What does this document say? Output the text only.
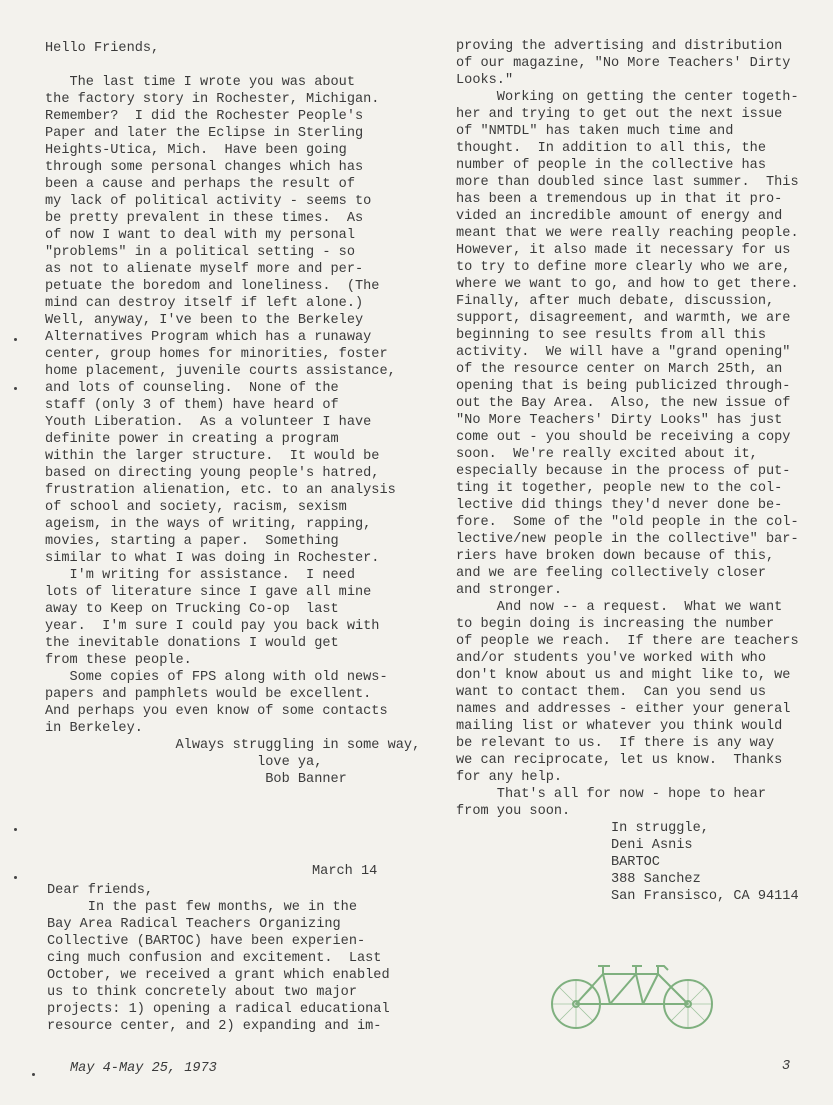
Hello Friends,
The last time I wrote you was about
the factory story in Rochester, Michigan.
Remember?  I did the Rochester People's
Paper and later the Eclipse in Sterling
Heights-Utica, Mich.  Have been going
through some personal changes which has
been a cause and perhaps the result of
my lack of political activity - seems to
be pretty prevalent in these times.  As
of now I want to deal with my personal
"problems" in a political setting - so
as not to alienate myself more and per-
petuate the boredom and loneliness.  (The
mind can destroy itself if left alone.)
Well, anyway, I've been to the Berkeley
Alternatives Program which has a runaway
center, group homes for minorities, foster
home placement, juvenile courts assistance,
and lots of counseling.  None of the
staff (only 3 of them) have heard of
Youth Liberation.  As a volunteer I have
definite power in creating a program
within the larger structure.  It would be
based on directing young people's hatred,
frustration alienation, etc. to an analysis
of school and society, racism, sexism
ageism, in the ways of writing, rapping,
movies, starting a paper.  Something
similar to what I was doing in Rochester.
I'm writing for assistance.  I need
lots of literature since I gave all mine
away to Keep on Trucking Co-op  last
year.  I'm sure I could pay you back with
the inevitable donations I would get
from these people.
Some copies of FPS along with old news-
papers and pamphlets would be excellent.
And perhaps you even know of some contacts
in Berkeley.
Always struggling in some way,
love ya,
Bob Banner
proving the advertising and distribution
of our magazine, "No More Teachers' Dirty
Looks."
Working on getting the center togeth-
her and trying to get out the next issue
of "NMTDL" has taken much time and
thought.  In addition to all this, the
number of people in the collective has
more than doubled since last summer.  This
has been a tremendous up in that it pro-
vided an incredible amount of energy and
meant that we were really reaching people.
However, it also made it necessary for us
to try to define more clearly who we are,
where we want to go, and how to get there.
Finally, after much debate, discussion,
support, disagreement, and warmth, we are
beginning to see results from all this
activity.  We will have a "grand opening"
of the resource center on March 25th, an
opening that is being publicized through-
out the Bay Area.  Also, the new issue of
"No More Teachers' Dirty Looks" has just
come out - you should be receiving a copy
soon.  We're really excited about it,
especially because in the process of put-
ting it together, people new to the col-
lective did things they'd never done be-
fore.  Some of the "old people in the col-
lective/new people in the collective" bar-
riers have broken down because of this,
and we are feeling collectively closer
and stronger.
And now -- a request.  What we want
to begin doing is increasing the number
of people we reach.  If there are teachers
and/or students you've worked with who
don't know about us and might like to, we
want to contact them.  Can you send us
names and addresses - either your general
mailing list or whatever you think would
be relevant to us.  If there is any way
we can reciprocate, let us know.  Thanks
for any help.
That's all for now - hope to hear
from you soon.
In struggle,
Deni Asnis
BARTOC
388 Sanchez
San Fransisco, CA 94114
March 14
Dear friends,
In the past few months, we in the
Bay Area Radical Teachers Organizing
Collective (BARTOC) have been experien-
cing much confusion and excitement.  Last
October, we received a grant which enabled
us to think concretely about two major
projects: 1) opening a radical educational
resource center, and 2) expanding and im-
May 4-May 25, 1973	3
